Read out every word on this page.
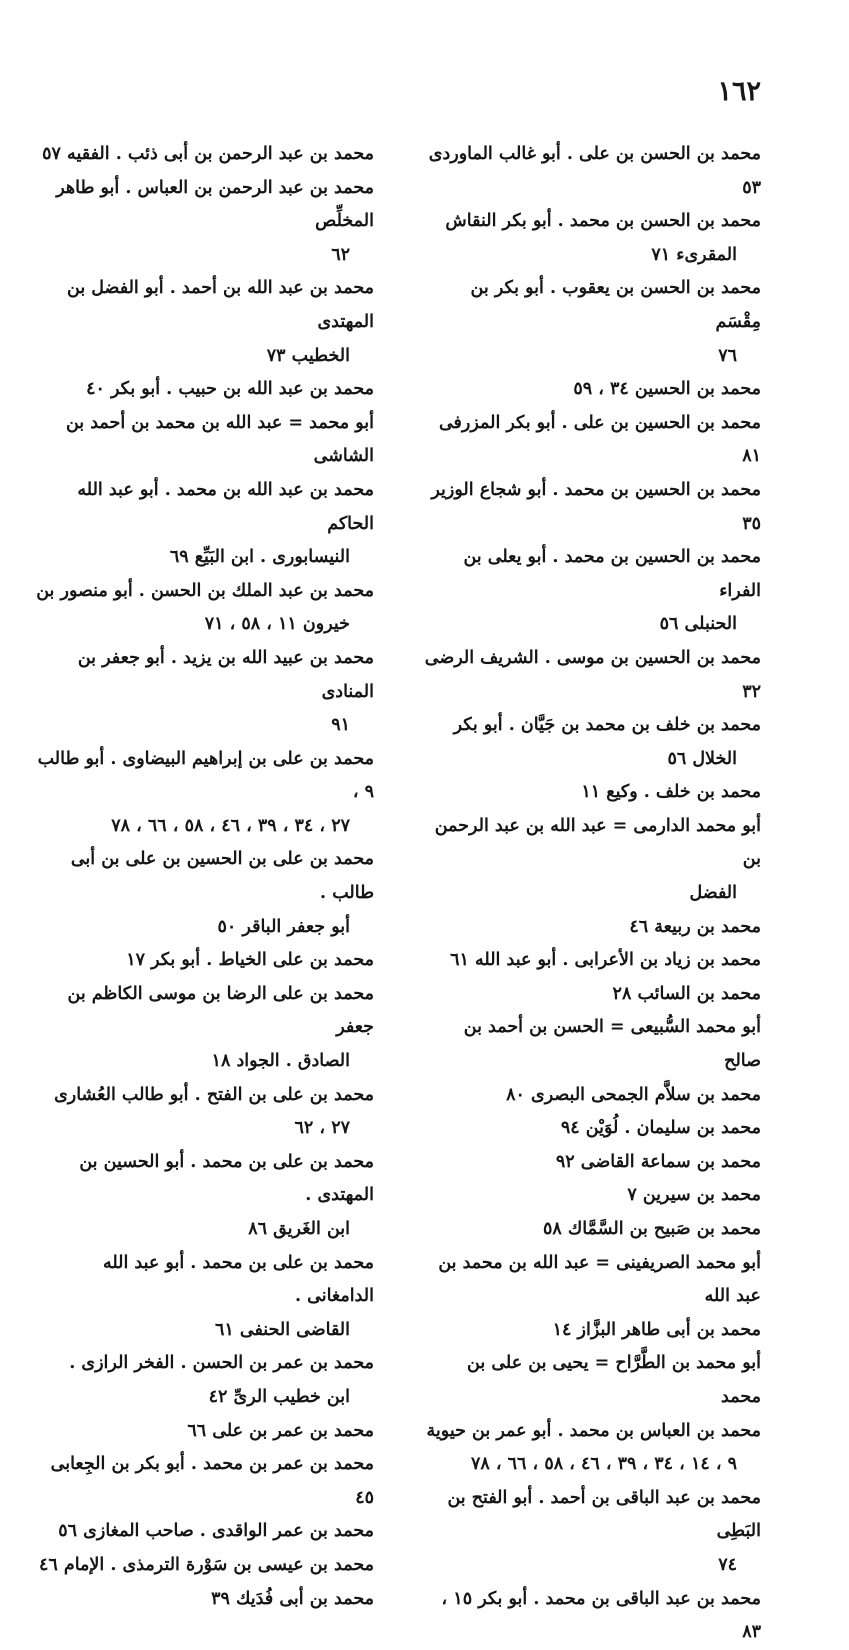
١٦٢

محمد بن الحسن بن على . أبو غالب الماوردى ٥٣

محمد بن الحسن بن محمد . أبو بكر النقاش
المقرىء ٧١

محمد بن الحسن بن يعقوب . أبو بكر بن مِقْسَم
٧٦

محمد بن الحسين ٣٤ ، ٥٩

محمد بن الحسين بن على . أبو بكر المزرفى ٨١

محمد بن الحسين بن محمد . أبو شجاع الوزير ٣٥

محمد بن الحسين بن محمد . أبو يعلى بن الفراء
الحنبلى ٥٦

محمد بن الحسين بن موسى . الشريف الرضى ٣٢

محمد بن خلف بن محمد بن جَيَّان . أبو بكر
الخلال ٥٦

محمد بن خلف . وكيع ١١

أبو محمد الدارمى = عبد الله بن عبد الرحمن بن
الفضل

محمد بن ربيعة ٤٦

محمد بن زياد بن الأعرابى . أبو عبد الله ٦١

محمد بن السائب ٢٨

أبو محمد السُّبيعى = الحسن بن أحمد بن صالح

محمد بن سلاَّم الجمحى البصرى ٨٠

محمد بن سليمان . لُوَيْن ٩٤

محمد بن سماعة القاضى ٩٢

محمد بن سيرين ٧

محمد بن صَبيح بن السَّمَّاك ٥٨

أبو محمد الصريفينى = عبد الله بن محمد بن عبد الله

محمد بن أبى طاهر البزَّاز ١٤

أبو محمد بن الطَّرَّاح = يحيى بن على بن محمد

محمد بن العباس بن محمد . أبو عمر بن حيوية
٩ ، ١٤ ، ٣٤ ، ٣٩ ، ٤٦ ، ٥٨ ، ٦٦ ، ٧٨

محمد بن عبد الباقى بن أحمد . أبو الفتح بن البَطِى
٧٤

محمد بن عبد الباقى بن محمد . أبو بكر ١٥ ، ٨٣

محمد بن عبد الرحمن بن أبى ذئب . الفقيه ٥٧

محمد بن عبد الرحمن بن العباس . أبو طاهر المخلِّص
٦٢

محمد بن عبد الله بن أحمد . أبو الفضل بن المهتدى
الخطيب ٧٣

محمد بن عبد الله بن حبيب . أبو بكر ٤٠

أبو محمد = عبد الله بن محمد بن أحمد بن الشاشى

محمد بن عبد الله بن محمد . أبو عبد الله الحاكم
النيسابورى . ابن البَيِّع ٦٩

محمد بن عبد الملك بن الحسن . أبو منصور بن
خيرون ١١ ، ٥٨ ، ٧١

محمد بن عبيد الله بن يزيد . أبو جعفر بن المنادى
٩١

محمد بن على بن إبراهيم البيضاوى . أبو طالب ٩ ،
٢٧ ، ٣٤ ، ٣٩ ، ٤٦ ، ٥٨ ، ٦٦ ، ٧٨

محمد بن على بن الحسين بن على بن أبى طالب .
أبو جعفر الباقر ٥٠

محمد بن على الخياط . أبو بكر ١٧

محمد بن على الرضا بن موسى الكاظم بن جعفر
الصادق . الجواد ١٨

محمد بن على بن الفتح . أبو طالب العُشارى
٢٧ ، ٦٢

محمد بن على بن محمد . أبو الحسين بن المهتدى .
ابن الغَريق ٨٦

محمد بن على بن محمد . أبو عبد الله الدامغانى .
القاضى الحنفى ٦١

محمد بن عمر بن الحسن . الفخر الرازى .
ابن خطيب الرىِّ ٤٢

محمد بن عمر بن على ٦٦

محمد بن عمر بن محمد . أبو بكر بن الجِعابى ٤٥

محمد بن عمر الواقدى . صاحب المغازى ٥٦

محمد بن عيسى بن سَوْرة الترمذى . الإمام ٤٦

محمد بن أبى فُدَيك ٣٩
